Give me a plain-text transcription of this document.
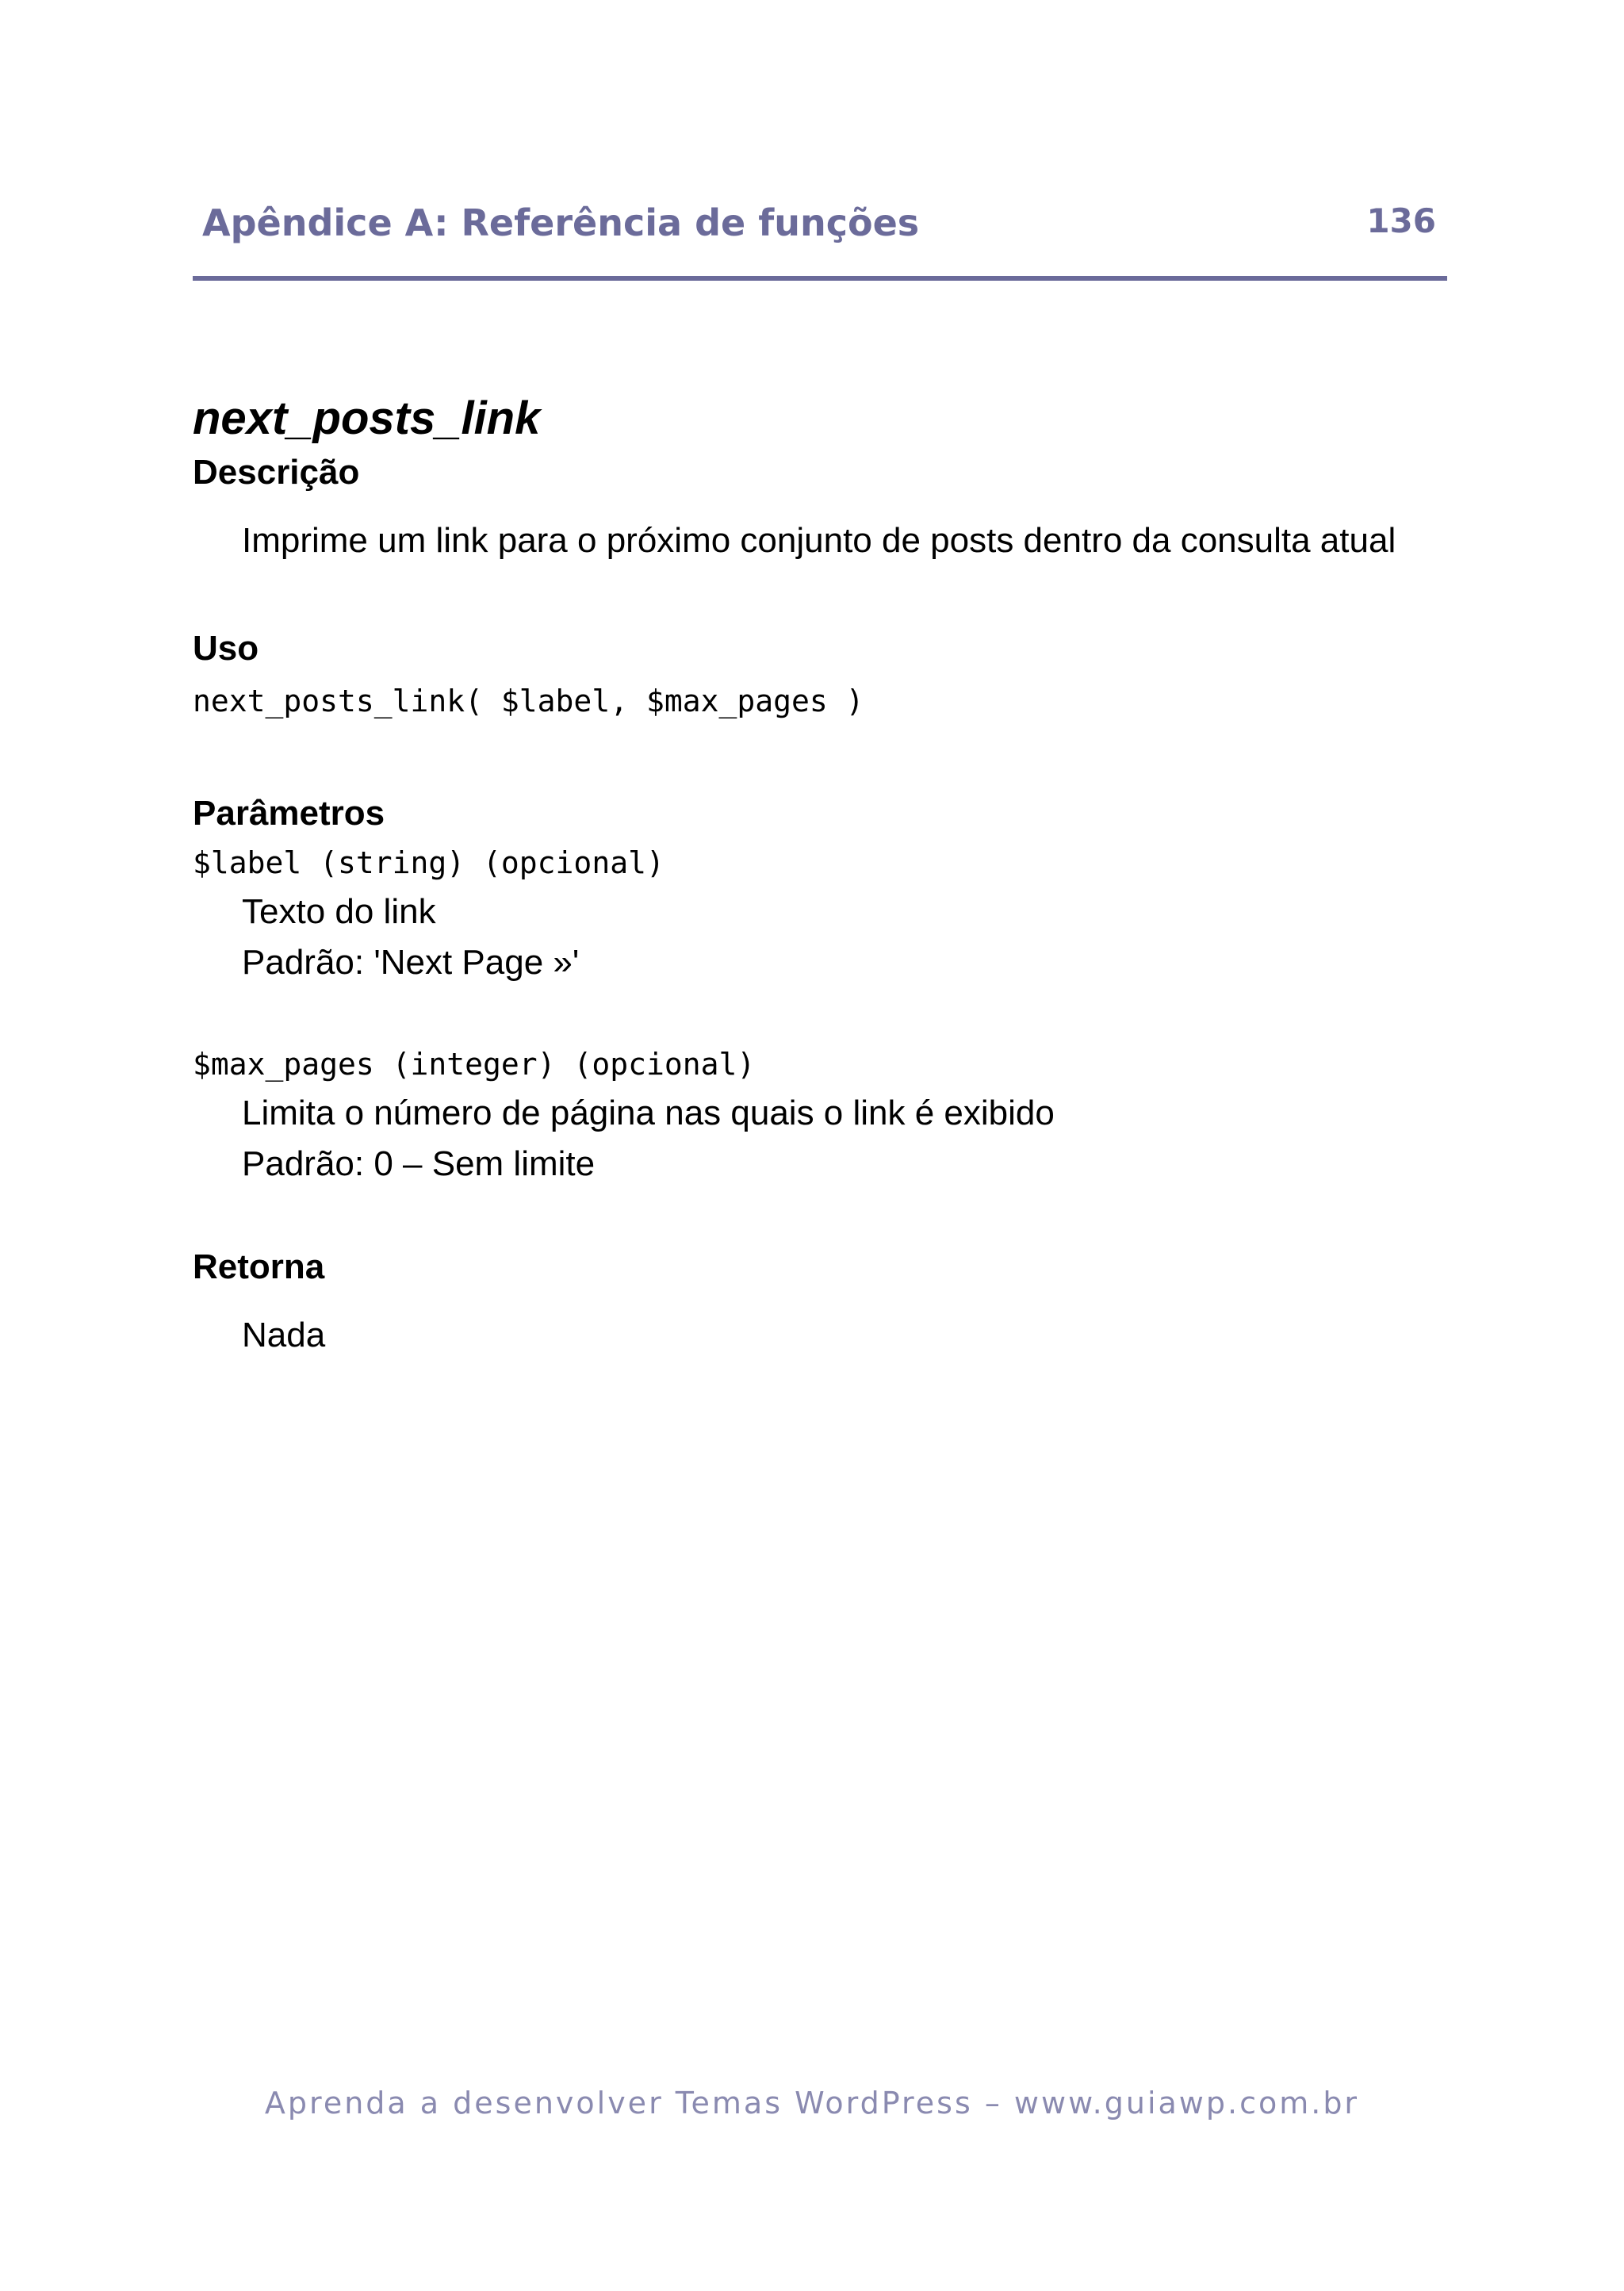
Apêndice A: Referência de funções	136
next_posts_link
Descrição

Imprime um link para o próximo conjunto de posts dentro da consulta atual

Uso
next_posts_link( $label, $max_pages )
Parâmetros
$label (string) (opcional)

Texto do link

Padrão: 'Next Page »'

$max_pages (integer) (opcional)

Limita o número de página nas quais o link é exibido

Padrão: 0 – Sem limite

Retorna

Nada

Aprenda a desenvolver Temas WordPress – www.guiawp.com.br
